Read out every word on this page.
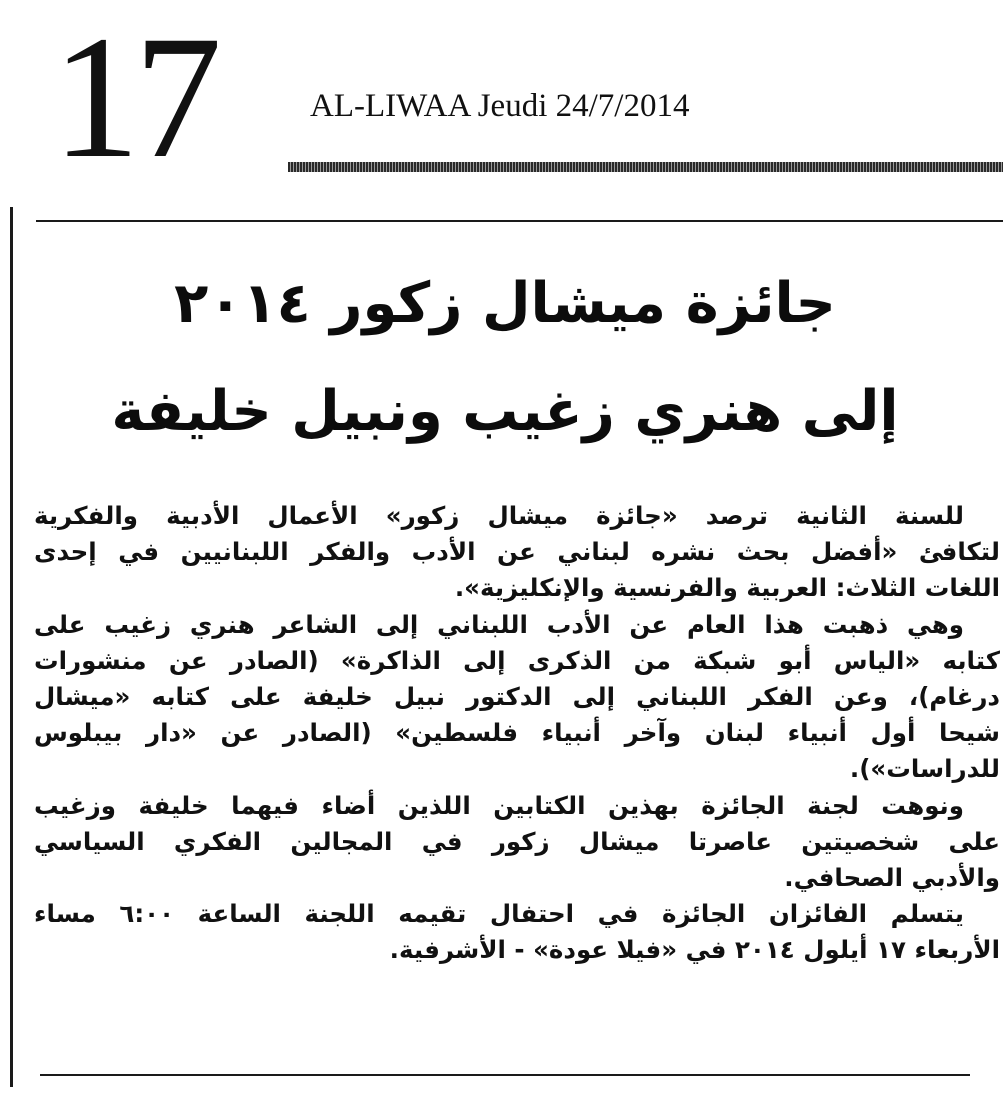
17	AL-LIWAA Jeudi 24/7/2014
جائزة ميشال زكور ٢٠١٤
إلى هنري زغيب ونبيل خليفة
للسنة الثانية ترصد «جائزة ميشال زكور» الأعمال الأدبية والفكرية
لتكافئ «أفضل بحث نشره لبناني عن الأدب والفكر اللبنانيين في إحدى
اللغات الثلاث: العربية والفرنسية والإنكليزية».
وهي ذهبت هذا العام عن الأدب اللبناني إلى الشاعر هنري زغيب على
كتابه «الياس أبو شبكة من الذكرى إلى الذاكرة» (الصادر عن منشورات
درغام)، وعن الفكر اللبناني إلى الدكتور نبيل خليفة على كتابه «ميشال
شيحا أول أنبياء لبنان وآخر أنبياء فلسطين» (الصادر عن «دار بيبلوس
للدراسات»).
ونوهت لجنة الجائزة بهذين الكتابين اللذين أضاء فيهما خليفة وزغيب
على شخصيتين عاصرتا ميشال زكور في المجالين الفكري السياسي
والأدبي الصحافي.
يتسلم الفائزان الجائزة في احتفال تقيمه اللجنة الساعة ٦:٠٠ مساء
الأربعاء ١٧ أيلول ٢٠١٤ في «فيلا عودة» - الأشرفية.
